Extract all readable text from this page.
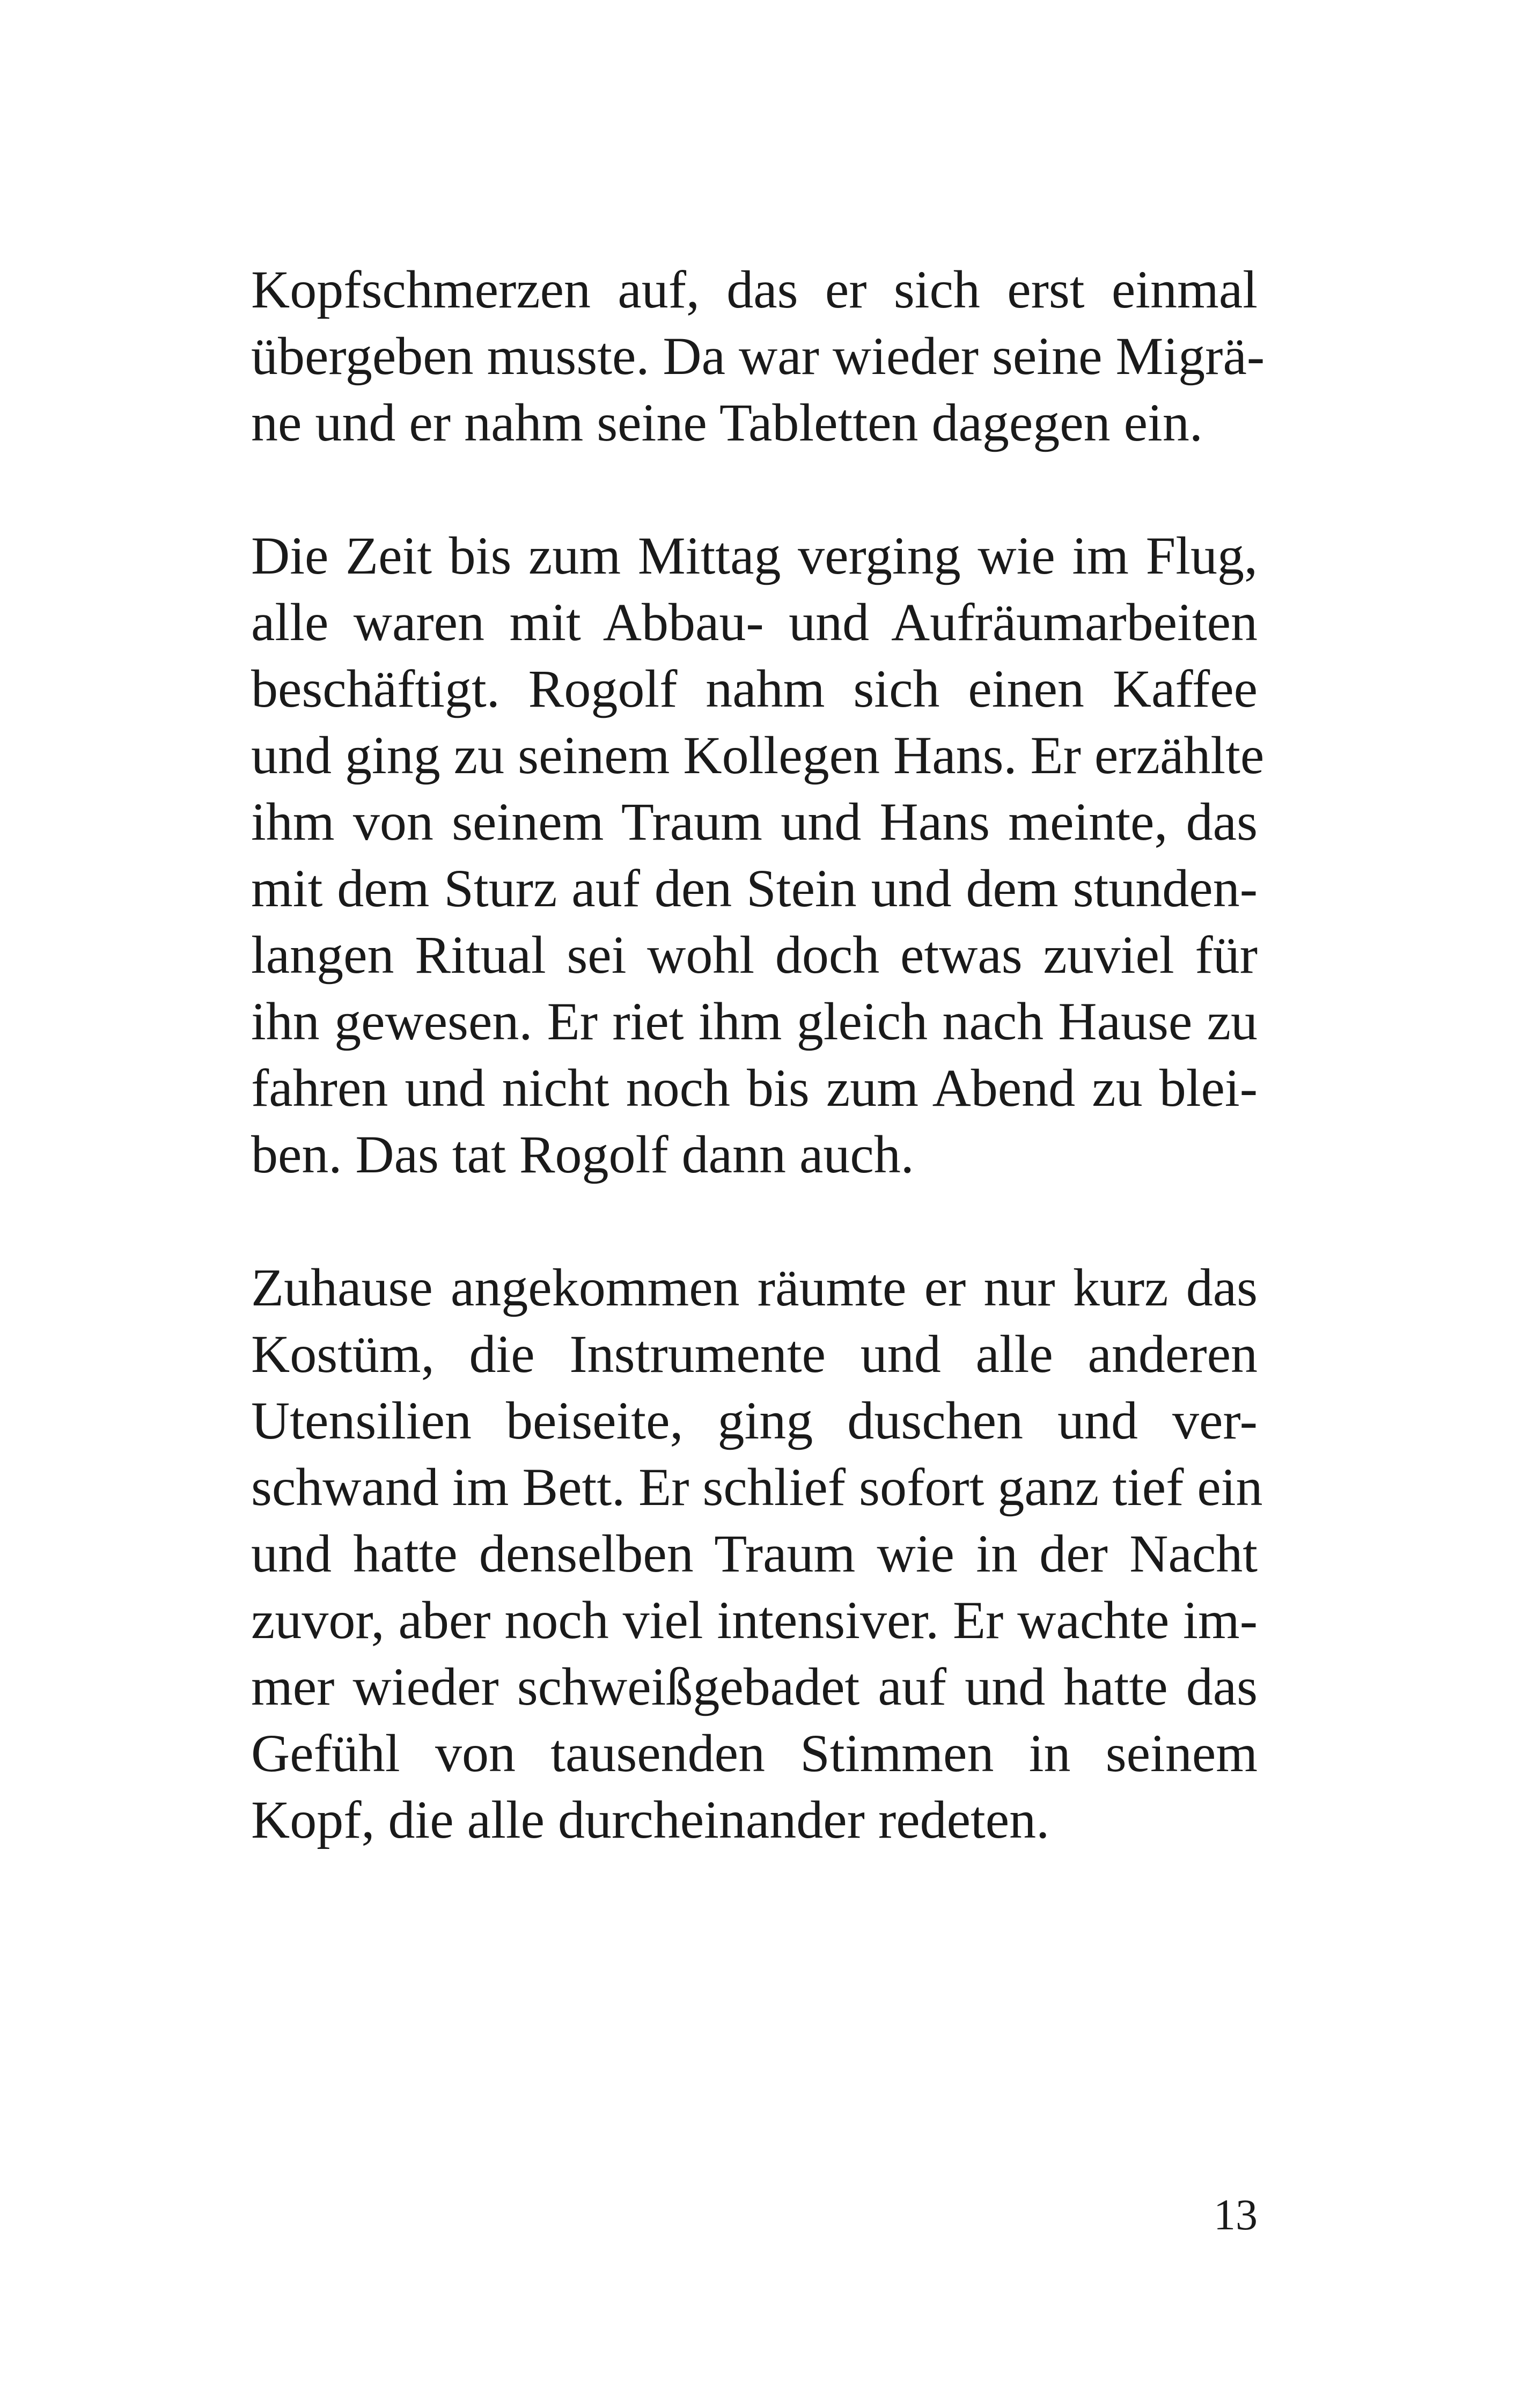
Kopfschmerzen auf, das er sich erst einmal
übergeben musste. Da war wieder seine Migrä-
ne und er nahm seine Tabletten dagegen ein.

Die Zeit bis zum Mittag verging wie im Flug,
alle waren mit Abbau- und Aufräumarbeiten
beschäftigt. Rogolf nahm sich einen Kaffee
und ging zu seinem Kollegen Hans. Er erzählte
ihm von seinem Traum und Hans meinte, das
mit dem Sturz auf den Stein und dem stunden-
langen Ritual sei wohl doch etwas zuviel für
ihn gewesen. Er riet ihm gleich nach Hause zu
fahren und nicht noch bis zum Abend zu blei-
ben. Das tat Rogolf dann auch.

Zuhause angekommen räumte er nur kurz das
Kostüm, die Instrumente und alle anderen
Utensilien beiseite, ging duschen und ver-
schwand im Bett. Er schlief sofort ganz tief ein
und hatte denselben Traum wie in der Nacht
zuvor, aber noch viel intensiver. Er wachte im-
mer wieder schweißgebadet auf und hatte das
Gefühl von tausenden Stimmen in seinem
Kopf, die alle durcheinander redeten.

13
